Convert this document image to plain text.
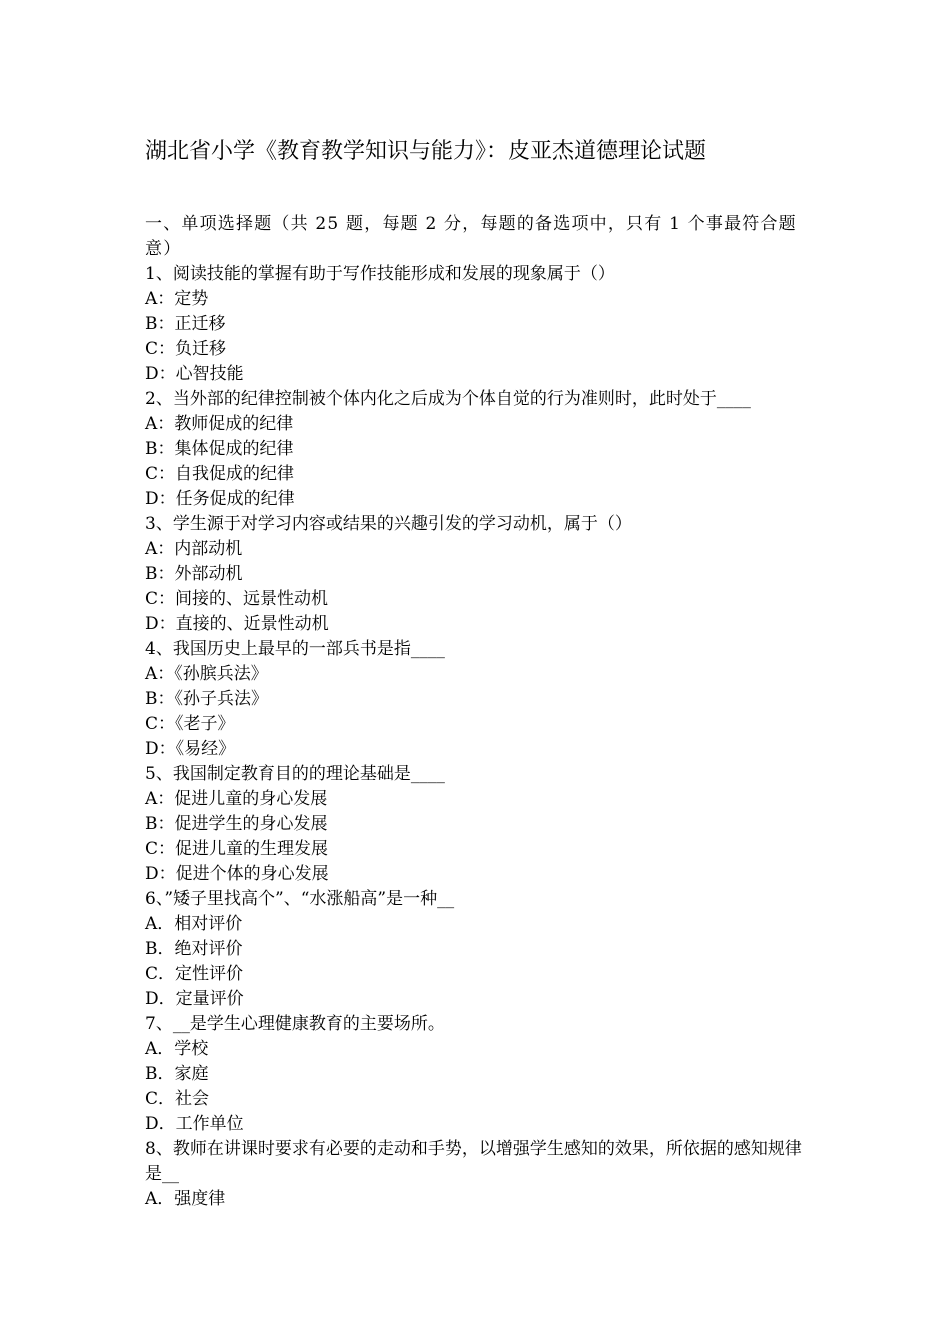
湖北省小学《教育教学知识与能力》：皮亚杰道德理论试题
一、单项选择题（共 25 题，每题 2 分，每题的备选项中，只有 1 个事最符合题意）
1、阅读技能的掌握有助于写作技能形成和发展的现象属于（）
A：定势
B：正迁移
C：负迁移
D：心智技能
2、当外部的纪律控制被个体内化之后成为个体自觉的行为准则时，此时处于____
A：教师促成的纪律
B：集体促成的纪律
C：自我促成的纪律
D：任务促成的纪律
3、学生源于对学习内容或结果的兴趣引发的学习动机，属于（）
A：内部动机
B：外部动机
C：间接的、远景性动机
D：直接的、近景性动机
4、我国历史上最早的一部兵书是指____
A：《孙膑兵法》
B：《孙子兵法》
C：《老子》
D：《易经》
5、我国制定教育目的的理论基础是____
A：促进儿童的身心发展
B：促进学生的身心发展
C：促进儿童的生理发展
D：促进个体的身心发展
6、”矮子里找高个”、“水涨船高”是一种__
A．相对评价
B．绝对评价
C．定性评价
D．定量评价
7、__是学生心理健康教育的主要场所。
A．学校
B．家庭
C．社会
D．工作单位
8、教师在讲课时要求有必要的走动和手势，以增强学生感知的效果，所依据的感知规律是__
A．强度律
